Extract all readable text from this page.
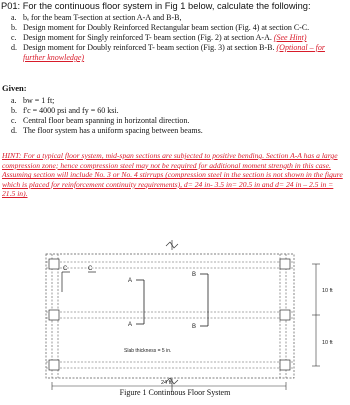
P01: For the continuous floor system in Fig 1 below, calculate the following:
a. bₑ for the beam T-section at section A-A and B-B,
b. Design moment for Doubly Reinforced Rectangular beam section (Fig. 4) at section C-C.
c. Design moment for Singly reinforced T- beam section (Fig. 2) at section A-A. (See Hint)
d. Design moment for Doubly reinforced T- beam section (Fig. 3) at section B-B. (Optional – for further knowledge)
Given:
a. bw = 1 ft;
b. f'c = 4000 psi and fy = 60 ksi.
c. Central floor beam spanning in horizontal direction.
d. The floor system has a uniform spacing between beams.
HINT: For a typical floor system, mid-span sections are subjected to positive bending. Section A-A has a large compression zone; hence compression steel may not be required for additional moment strength in this case. Assuming section will include No. 3 or No. 4 stirrups (compression steel in the section is not shown in the figure which is placed for reinforcement continuity requirements), d= 24 in- 3.5 in= 20.5 in and d= 24 in – 2.5 in = 21.5 in).
C	C
A
A
B
B
Slab thickness = 5 in.
24 ft
10 ft
10 ft
Figure 1 Continuous Floor System
